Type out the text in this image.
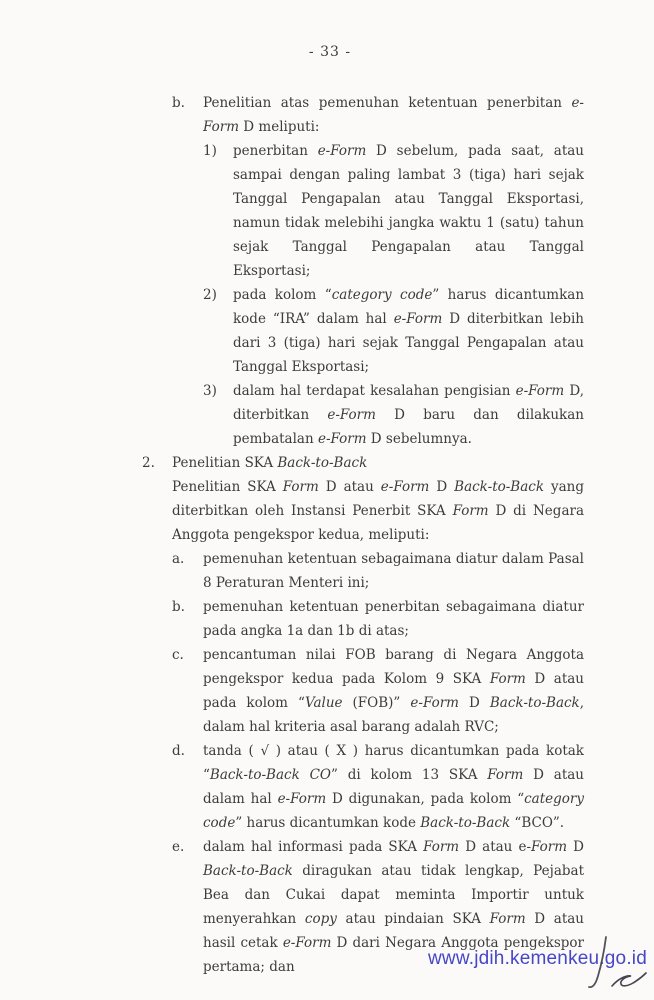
- 33 -
b.	Penelitian atas pemenuhan ketentuan penerbitan e-Form D meliputi:
1)	penerbitan e-Form D sebelum, pada saat, atau sampai dengan paling lambat 3 (tiga) hari sejak Tanggal Pengapalan atau Tanggal Eksportasi, namun tidak melebihi jangka waktu 1 (satu) tahun sejak Tanggal Pengapalan atau Tanggal Eksportasi;
2)	pada kolom “category code” harus dicantumkan kode “IRA” dalam hal e-Form D diterbitkan lebih dari 3 (tiga) hari sejak Tanggal Pengapalan atau Tanggal Eksportasi;
3)	dalam hal terdapat kesalahan pengisian e-Form D, diterbitkan e-Form D baru dan dilakukan pembatalan e-Form D sebelumnya.
2.	Penelitian SKA Back-to-Back
Penelitian SKA Form D atau e-Form D Back-to-Back yang diterbitkan oleh Instansi Penerbit SKA Form D di Negara Anggota pengekspor kedua, meliputi:
a.	pemenuhan ketentuan sebagaimana diatur dalam Pasal 8 Peraturan Menteri ini;
b.	pemenuhan ketentuan penerbitan sebagaimana diatur pada angka 1a dan 1b di atas;
c.	pencantuman nilai FOB barang di Negara Anggota pengekspor kedua pada Kolom 9 SKA Form D atau pada kolom “Value (FOB)” e-Form D Back-to-Back, dalam hal kriteria asal barang adalah RVC;
d.	tanda ( √ ) atau ( X ) harus dicantumkan pada kotak “Back-to-Back CO” di kolom 13 SKA Form D atau dalam hal e-Form D digunakan, pada kolom “category code” harus dicantumkan kode Back-to-Back “BCO”.
e.	dalam hal informasi pada SKA Form D atau e-Form D Back-to-Back diragukan atau tidak lengkap, Pejabat Bea dan Cukai dapat meminta Importir untuk menyerahkan copy atau pindaian SKA Form D atau hasil cetak e-Form D dari Negara Anggota pengekspor pertama; dan	www.jdih.kemenkeu.go.id
